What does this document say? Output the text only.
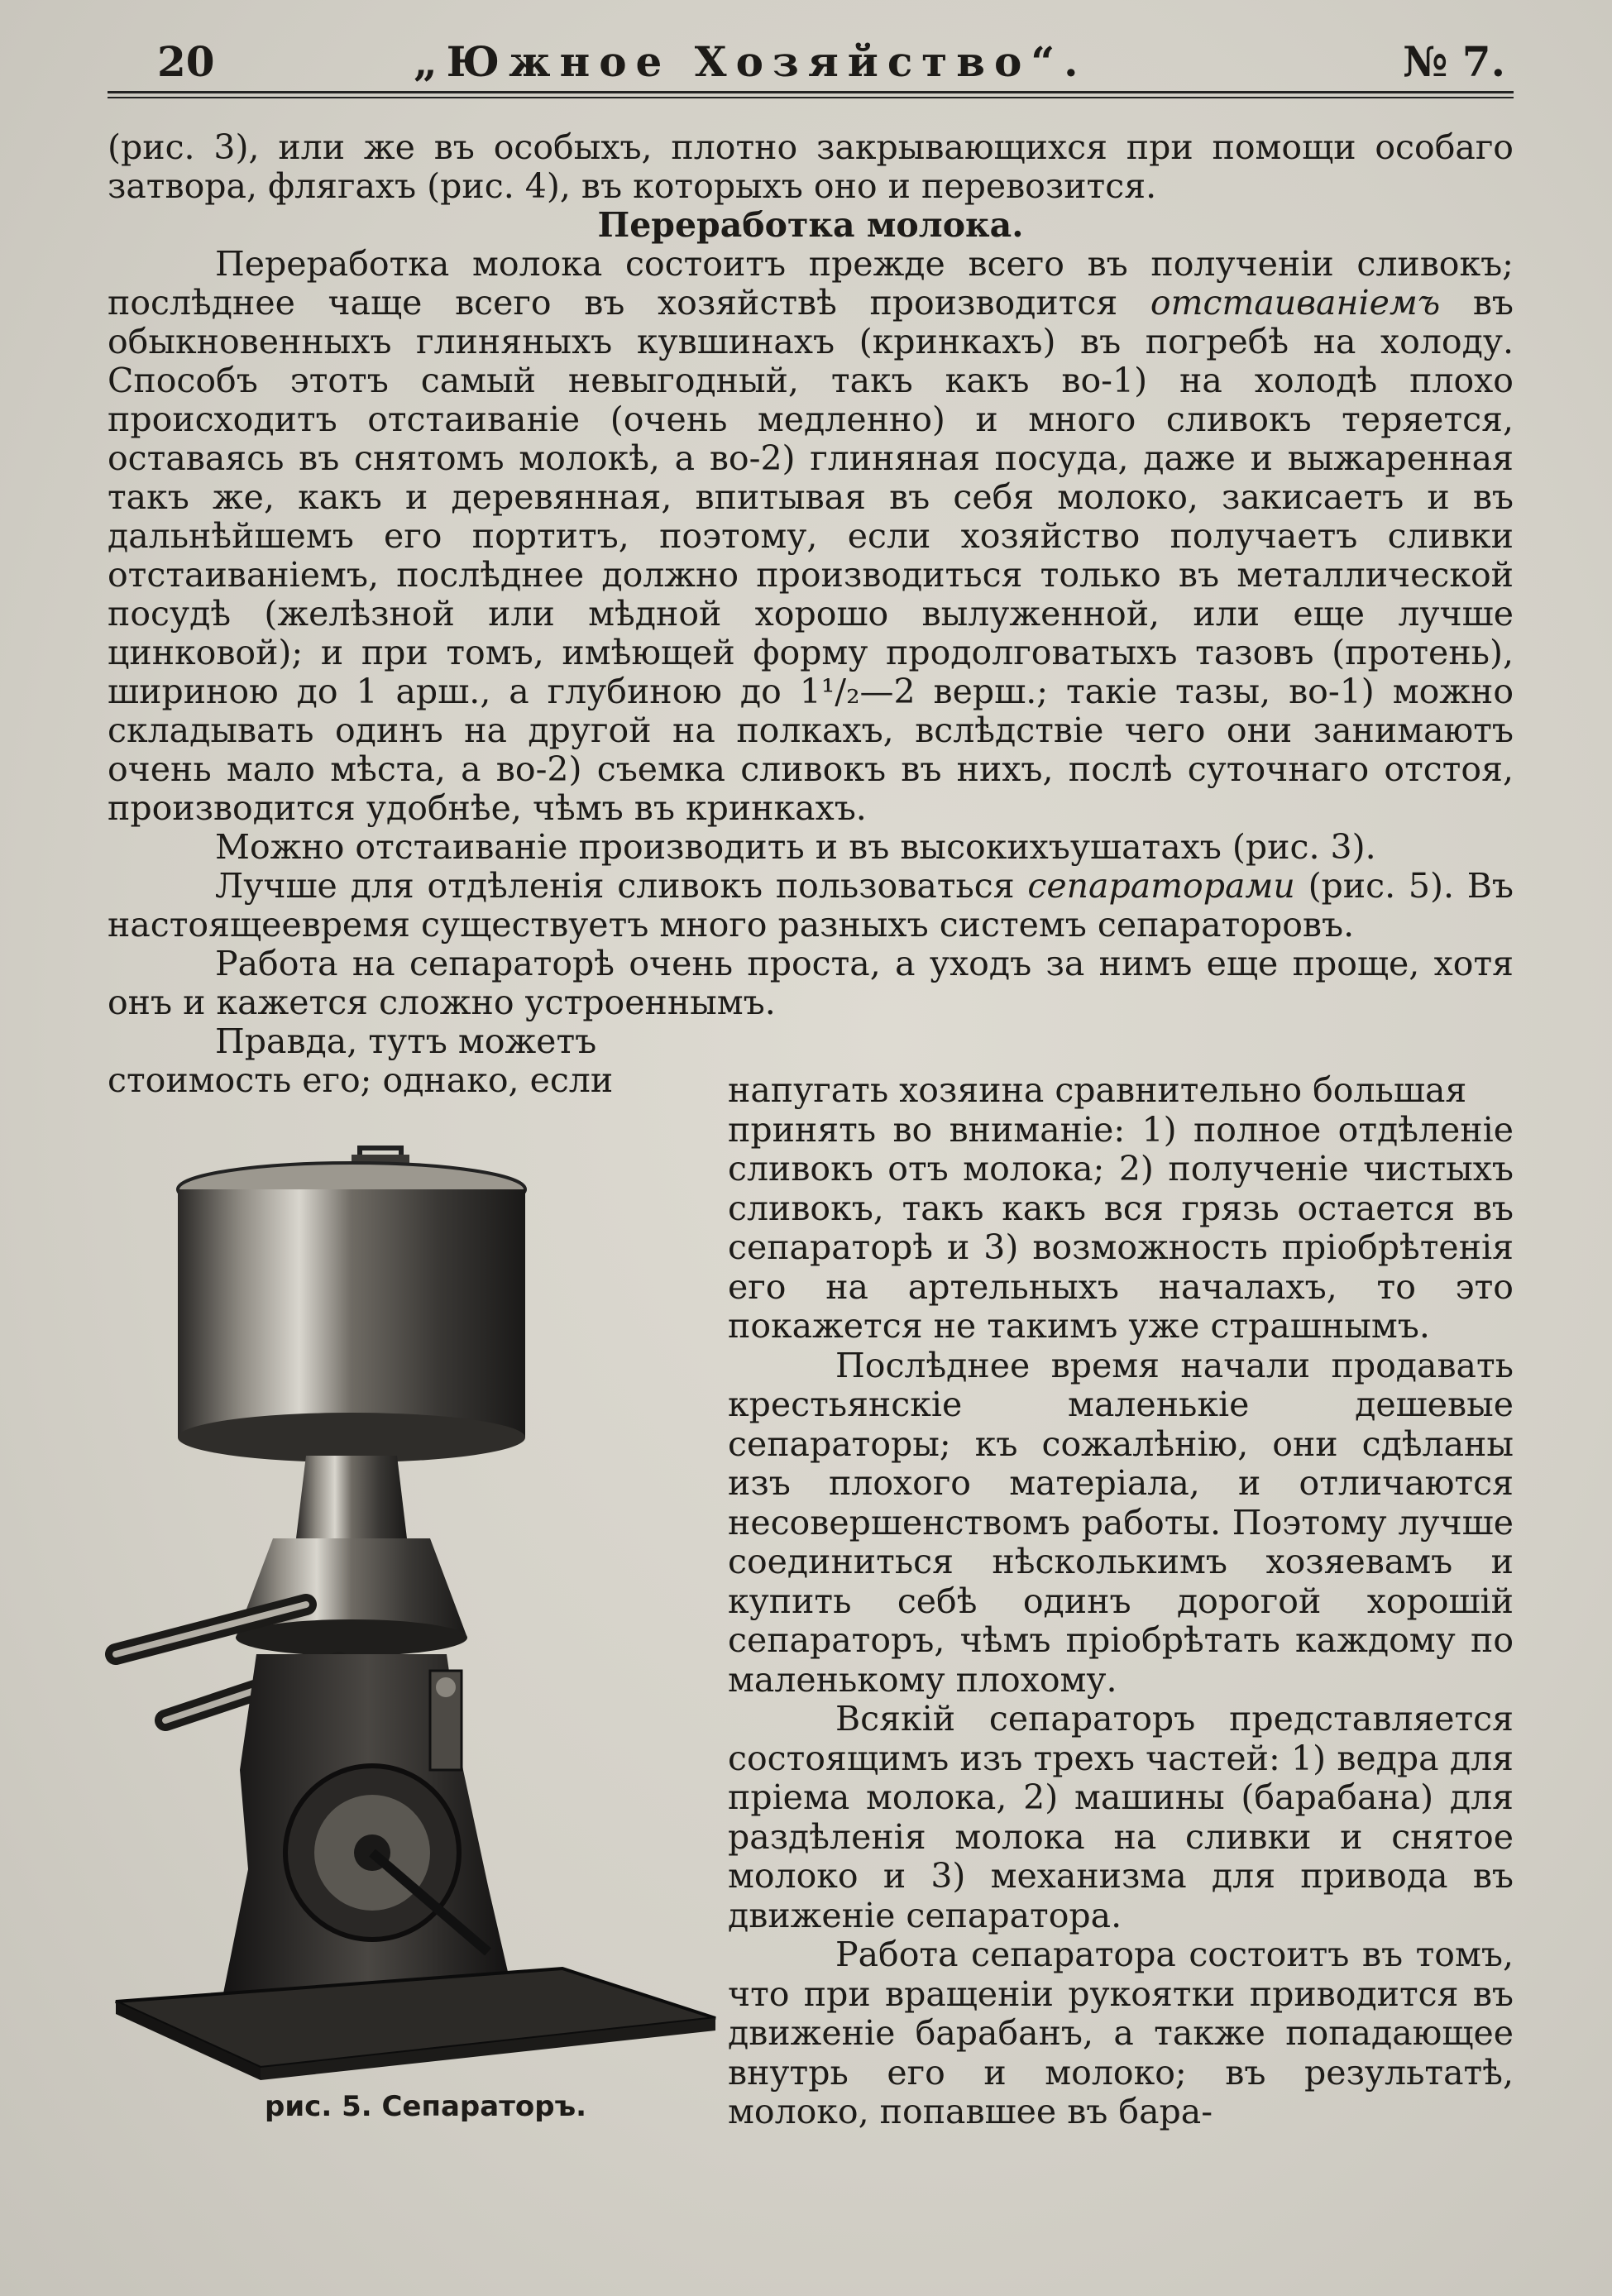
20	„Южное Хозяйство“.	№ 7.

(рис. 3), или же въ особыхъ, плотно закрывающихся при помощи особаго затвора, флягахъ (рис. 4), въ которыхъ оно и перевозится.

Переработка молока.

Переработка молока состоитъ прежде всего въ полученiи сливокъ; послѣднее чаще всего въ хозяйствѣ производится отстаиванiемъ въ обыкновенныхъ глиняныхъ кувшинахъ (кринкахъ) въ погребѣ на холоду. Способъ этотъ самый невыгодный, такъ какъ во-1) на холодѣ плохо происходитъ отстаиванiе (очень медленно) и много сливокъ теряется, оставаясь въ снятомъ молокѣ, а во-2) глиняная посуда, даже и выжаренная такъ же, какъ и деревянная, впитывая въ себя молоко, закисаетъ и въ дальнѣйшемъ его портитъ, поэтому, если хозяйство получаетъ сливки отстаиванiемъ, послѣднее должно производиться только въ металлической посудѣ (желѣзной или мѣдной хорошо вылуженной, или еще лучше цинковой); и при томъ, имѣющей форму продолговатыхъ тазовъ (протень), шириною до 1 арш., а глубиною до 1¹/₂—2 верш.; такiе тазы, во-1) можно складывать одинъ на другой на полкахъ, вслѣдствiе чего они занимаютъ очень мало мѣста, а во-2) съемка сливокъ въ нихъ, послѣ суточнаго отстоя, производится удобнѣе, чѣмъ въ кринкахъ.

Можно отстаиванiе производить и въ высокихъушатахъ (рис. 3).

Лучше для отдѣленiя сливокъ пользоваться сепараторами (рис. 5). Въ настоящеевремя существуетъ много разныхъ системъ сепараторовъ.

Работа на сепараторѣ очень проста, а уходъ за нимъ еще проще, хотя онъ и кажется сложно устроеннымъ.

Правда, тутъ можетъ

стоимость его; однако, если	напугать хозяина сравнительно большая

принять во вниманiе: 1) полное отдѣленiе сливокъ отъ молока; 2) полученiе чистыхъ сливокъ, такъ какъ вся грязь остается въ сепараторѣ и 3) возможность прiобрѣтенiя его на артельныхъ началахъ, то это покажется не такимъ уже страшнымъ.

Послѣднее время начали продавать крестьянскiе маленькiе дешевые сепараторы; къ сожалѣнiю, они сдѣланы изъ плохого матерiала, и отличаются несовершенствомъ работы. Поэтому лучше соединиться нѣсколькимъ хозяевамъ и купить себѣ одинъ дорогой хорошiй сепараторъ, чѣмъ прiобрѣтать каждому по маленькому плохому.

Всякiй сепараторъ представляется состоящимъ изъ трехъ частей: 1) ведра для прiема молока, 2) машины (барабана) для раздѣленiя молока на сливки и снятое молоко и 3) механизма для привода въ движенiе сепаратора.

Работа сепаратора состоитъ въ томъ, что при вращенiи рукоятки приводится въ движенiе барабанъ, а также попадающее внутрь его и молоко; въ результатѣ, молоко, попавшее въ бара-

рис. 5. Сепараторъ.
